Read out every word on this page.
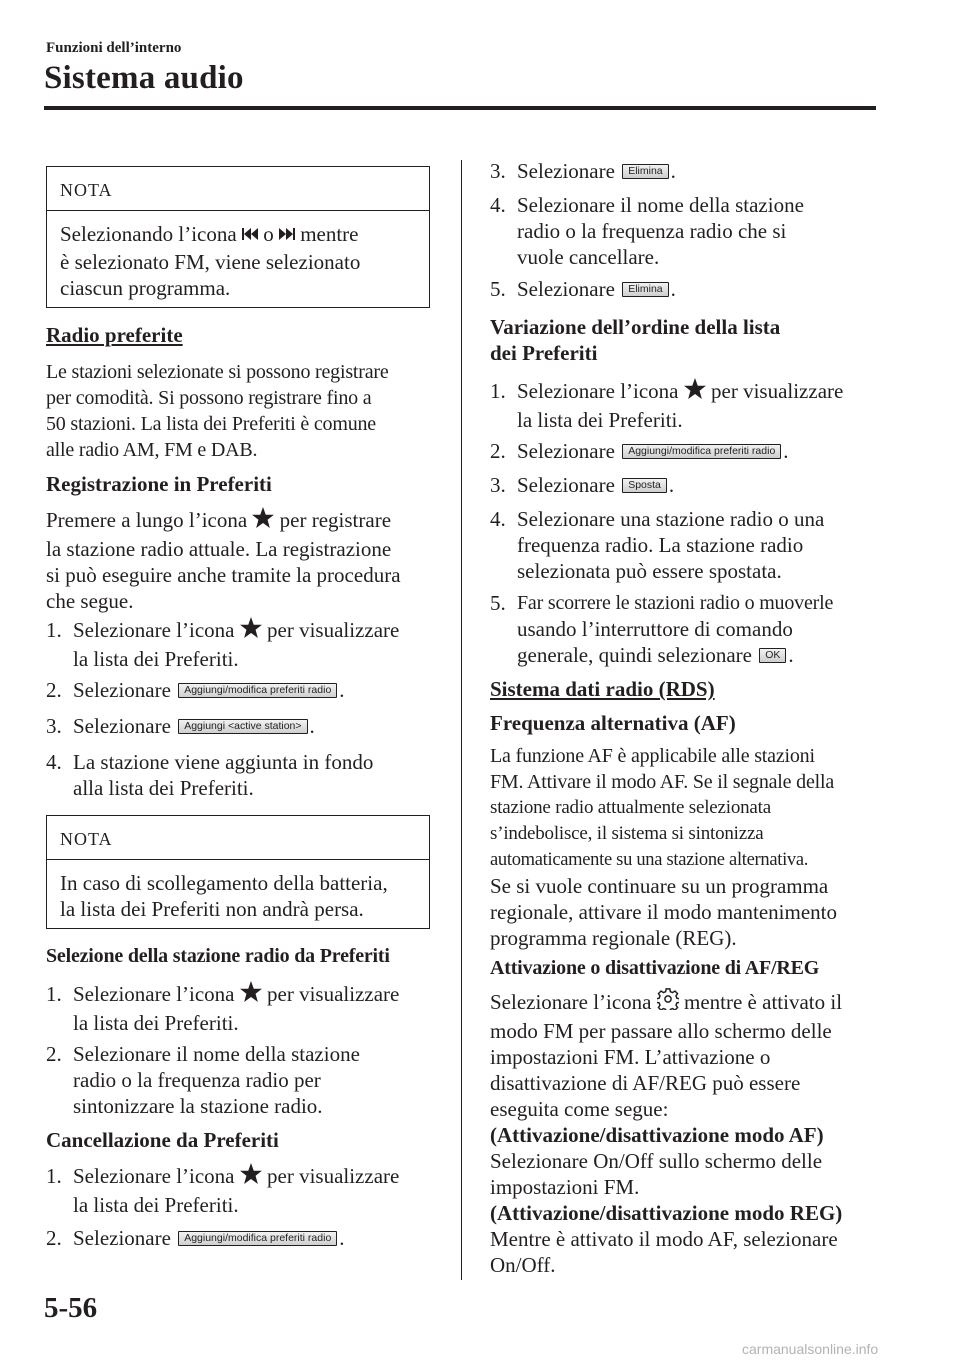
Funzioni dell’interno
Sistema audio
NOTA
Selezionando l’icona o mentre
è selezionato FM, viene selezionato
ciascun programma.
Radio preferite
Le stazioni selezionate si possono registrare
per comodità. Si possono registrare fino a
50 stazioni. La lista dei Preferiti è comune
alle radio AM, FM e DAB.
Registrazione in Preferiti
Premere a lungo l’icona per registrare
la stazione radio attuale. La registrazione
si può eseguire anche tramite la procedura
che segue.
1. Selezionare l’icona per visualizzare
la lista dei Preferiti.
2. Selezionare Aggiungi/modifica preferiti radio .
3. Selezionare Aggiungi <active station> .
4. La stazione viene aggiunta in fondo
alla lista dei Preferiti.
NOTA
In caso di scollegamento della batteria,
la lista dei Preferiti non andrà persa.
Selezione della stazione radio da Preferiti
1. Selezionare l’icona per visualizzare
la lista dei Preferiti.
2. Selezionare il nome della stazione
radio o la frequenza radio per
sintonizzare la stazione radio.
Cancellazione da Preferiti
1. Selezionare l’icona per visualizzare
la lista dei Preferiti.
2. Selezionare Aggiungi/modifica preferiti radio .
3. Selezionare Elimina .
4. Selezionare il nome della stazione
radio o la frequenza radio che si
vuole cancellare.
5. Selezionare Elimina .
Variazione dell’ordine della lista
dei Preferiti
1. Selezionare l’icona per visualizzare
la lista dei Preferiti.
2. Selezionare Aggiungi/modifica preferiti radio .
3. Selezionare Sposta .
4. Selezionare una stazione radio o una
frequenza radio. La stazione radio
selezionata può essere spostata.
5. Far scorrere le stazioni radio o muoverle
usando l’interruttore di comando
generale, quindi selezionare OK .
Sistema dati radio (RDS)
Frequenza alternativa (AF)
La funzione AF è applicabile alle stazioni
FM. Attivare il modo AF. Se il segnale della
stazione radio attualmente selezionata
s’indebolisce, il sistema si sintonizza
automaticamente su una stazione alternativa.
Se si vuole continuare su un programma
regionale, attivare il modo mantenimento
programma regionale (REG).
Attivazione o disattivazione di AF/REG
Selezionare l’icona mentre è attivato il
modo FM per passare allo schermo delle
impostazioni FM. L’attivazione o
disattivazione di AF/REG può essere
eseguita come segue:
(Attivazione/disattivazione modo AF)
Selezionare On/Off sullo schermo delle
impostazioni FM.
(Attivazione/disattivazione modo REG)
Mentre è attivato il modo AF, selezionare
On/Off.
5-56
carmanualsonline.info
